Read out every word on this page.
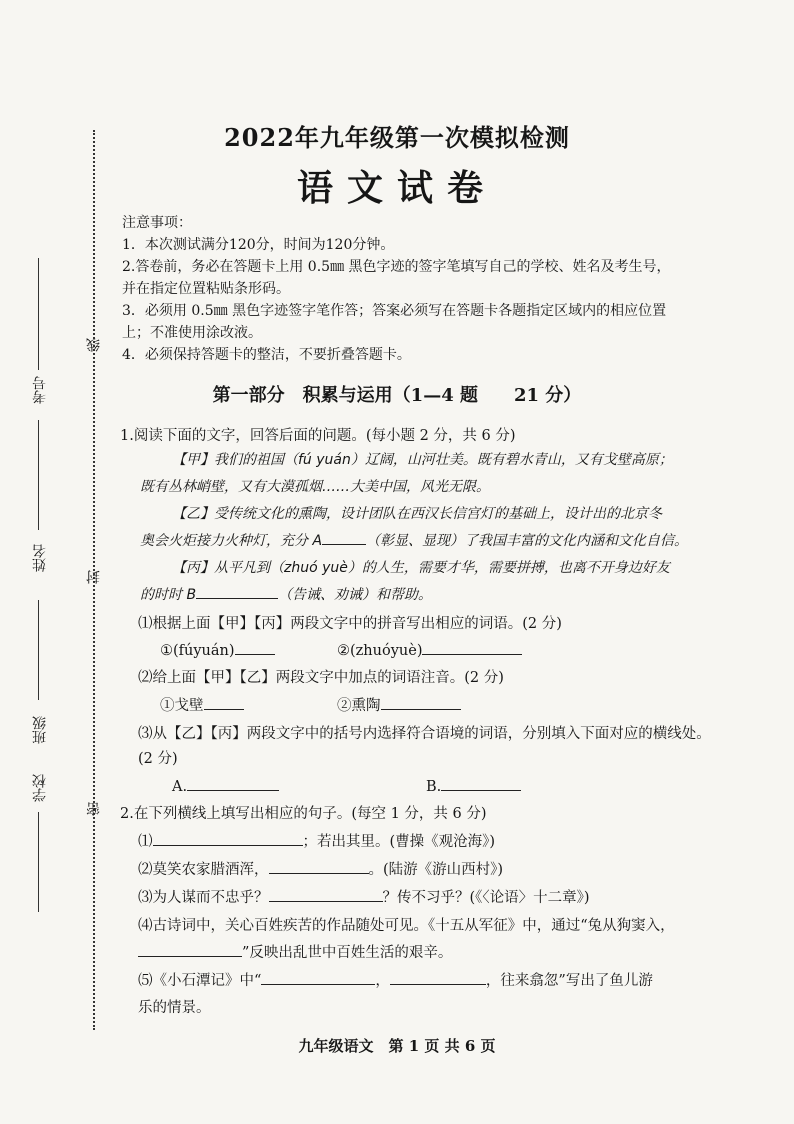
线
封
密
考号
姓名
班级
学校
2022年九年级第一次模拟检测
语文试卷
注意事项：
1．本次测试满分120分，时间为120分钟。
2.答卷前，务必在答题卡上用 0.5㎜ 黑色字迹的签字笔填写自己的学校、姓名及考生号，
并在指定位置粘贴条形码。
3．必须用 0.5㎜ 黑色字迹签字笔作答；答案必须写在答题卡各题指定区域内的相应位置
上；不准使用涂改液。
4．必须保持答题卡的整洁，不要折叠答题卡。
第一部分　积累与运用（1—4 题　　21 分）
1.阅读下面的文字，回答后面的问题。(每小题 2 分，共 6 分)
【甲】我们的祖国（fú yuán）辽阔，山河壮美。既有碧水青山，又有戈壁高原；
既有丛林峭壁，又有大漠孤烟……大美中国，风光无限。
【乙】受传统文化的熏陶，设计团队在西汉长信宫灯的基础上，设计出的北京冬
奥会火炬接力火种灯，充分 A	（彰显、显现）了我国丰富的文化内涵和文化自信。
【丙】从平凡到（zhuó yuè）的人生，需要才华，需要拼搏，也离不开身边好友
的时时 B	（告诫、劝诫）和帮助。
⑴根据上面【甲】【丙】两段文字中的拼音写出相应的词语。(2 分)
①(fúyuán)	②(zhuóyuè)
⑵给上面【甲】【乙】两段文字中加点的词语注音。(2 分)
①戈壁	②熏陶
⑶从【乙】【丙】两段文字中的括号内选择符合语境的词语，分别填入下面对应的横线处。
(2 分)
A.	B.
2.在下列横线上填写出相应的句子。(每空 1 分，共 6 分)
⑴	；若出其里。(曹操《观沧海》)
⑵莫笑农家腊酒浑，	。(陆游《游山西村》)
⑶为人谋而不忠乎？	？传不习乎？(《〈论语〉十二章》)
⑷古诗词中，关心百姓疾苦的作品随处可见。《十五从军征》中，通过“兔从狗窦入，
”反映出乱世中百姓生活的艰辛。
⑸《小石潭记》中“	，	，往来翕忽”写出了鱼儿游
乐的情景。
九年级语文　第 1 页 共 6 页
